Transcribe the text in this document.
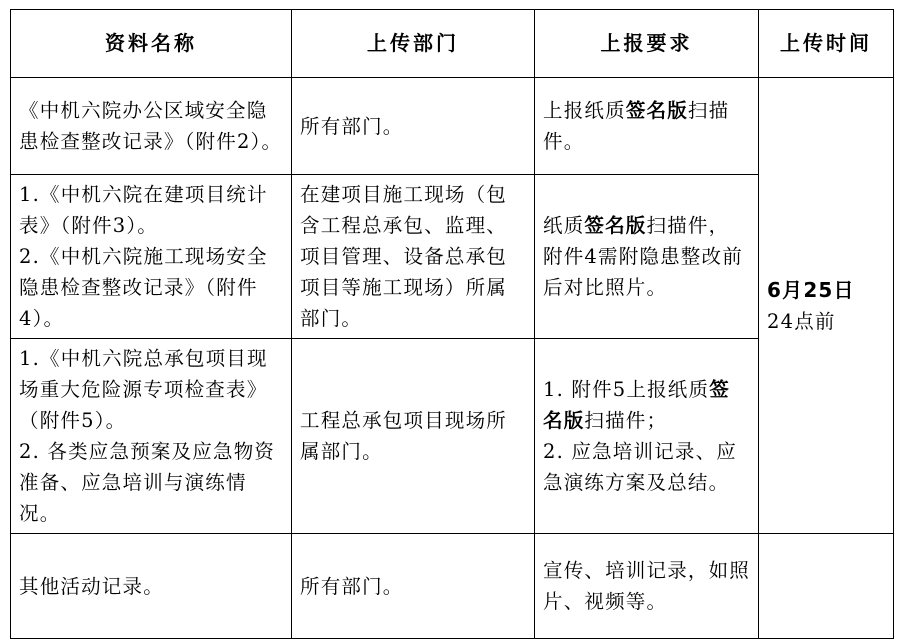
资料名称	上传部门	上报要求	上传时间

《中机六院办公区域安全隐患检查整改记录》（附件2）。	所有部门。	上报纸质签名版扫描件。	6月25日
24点前

1.《中机六院在建项目统计表》（附件3）。
2.《中机六院施工现场安全隐患检查整改记录》（附件4）。	在建项目施工现场（包含工程总承包、监理、项目管理、设备总承包项目等施工现场）所属部门。	纸质签名版扫描件，附件4需附隐患整改前后对比照片。	

1.《中机六院总承包项目现场重大危险源专项检查表》（附件5）。
2. 各类应急预案及应急物资准备、应急培训与演练情况。	工程总承包项目现场所属部门。	1. 附件5上报纸质签名版扫描件；
2. 应急培训记录、应急演练方案及总结。	

其他活动记录。	所有部门。	宣传、培训记录，如照片、视频等。	
